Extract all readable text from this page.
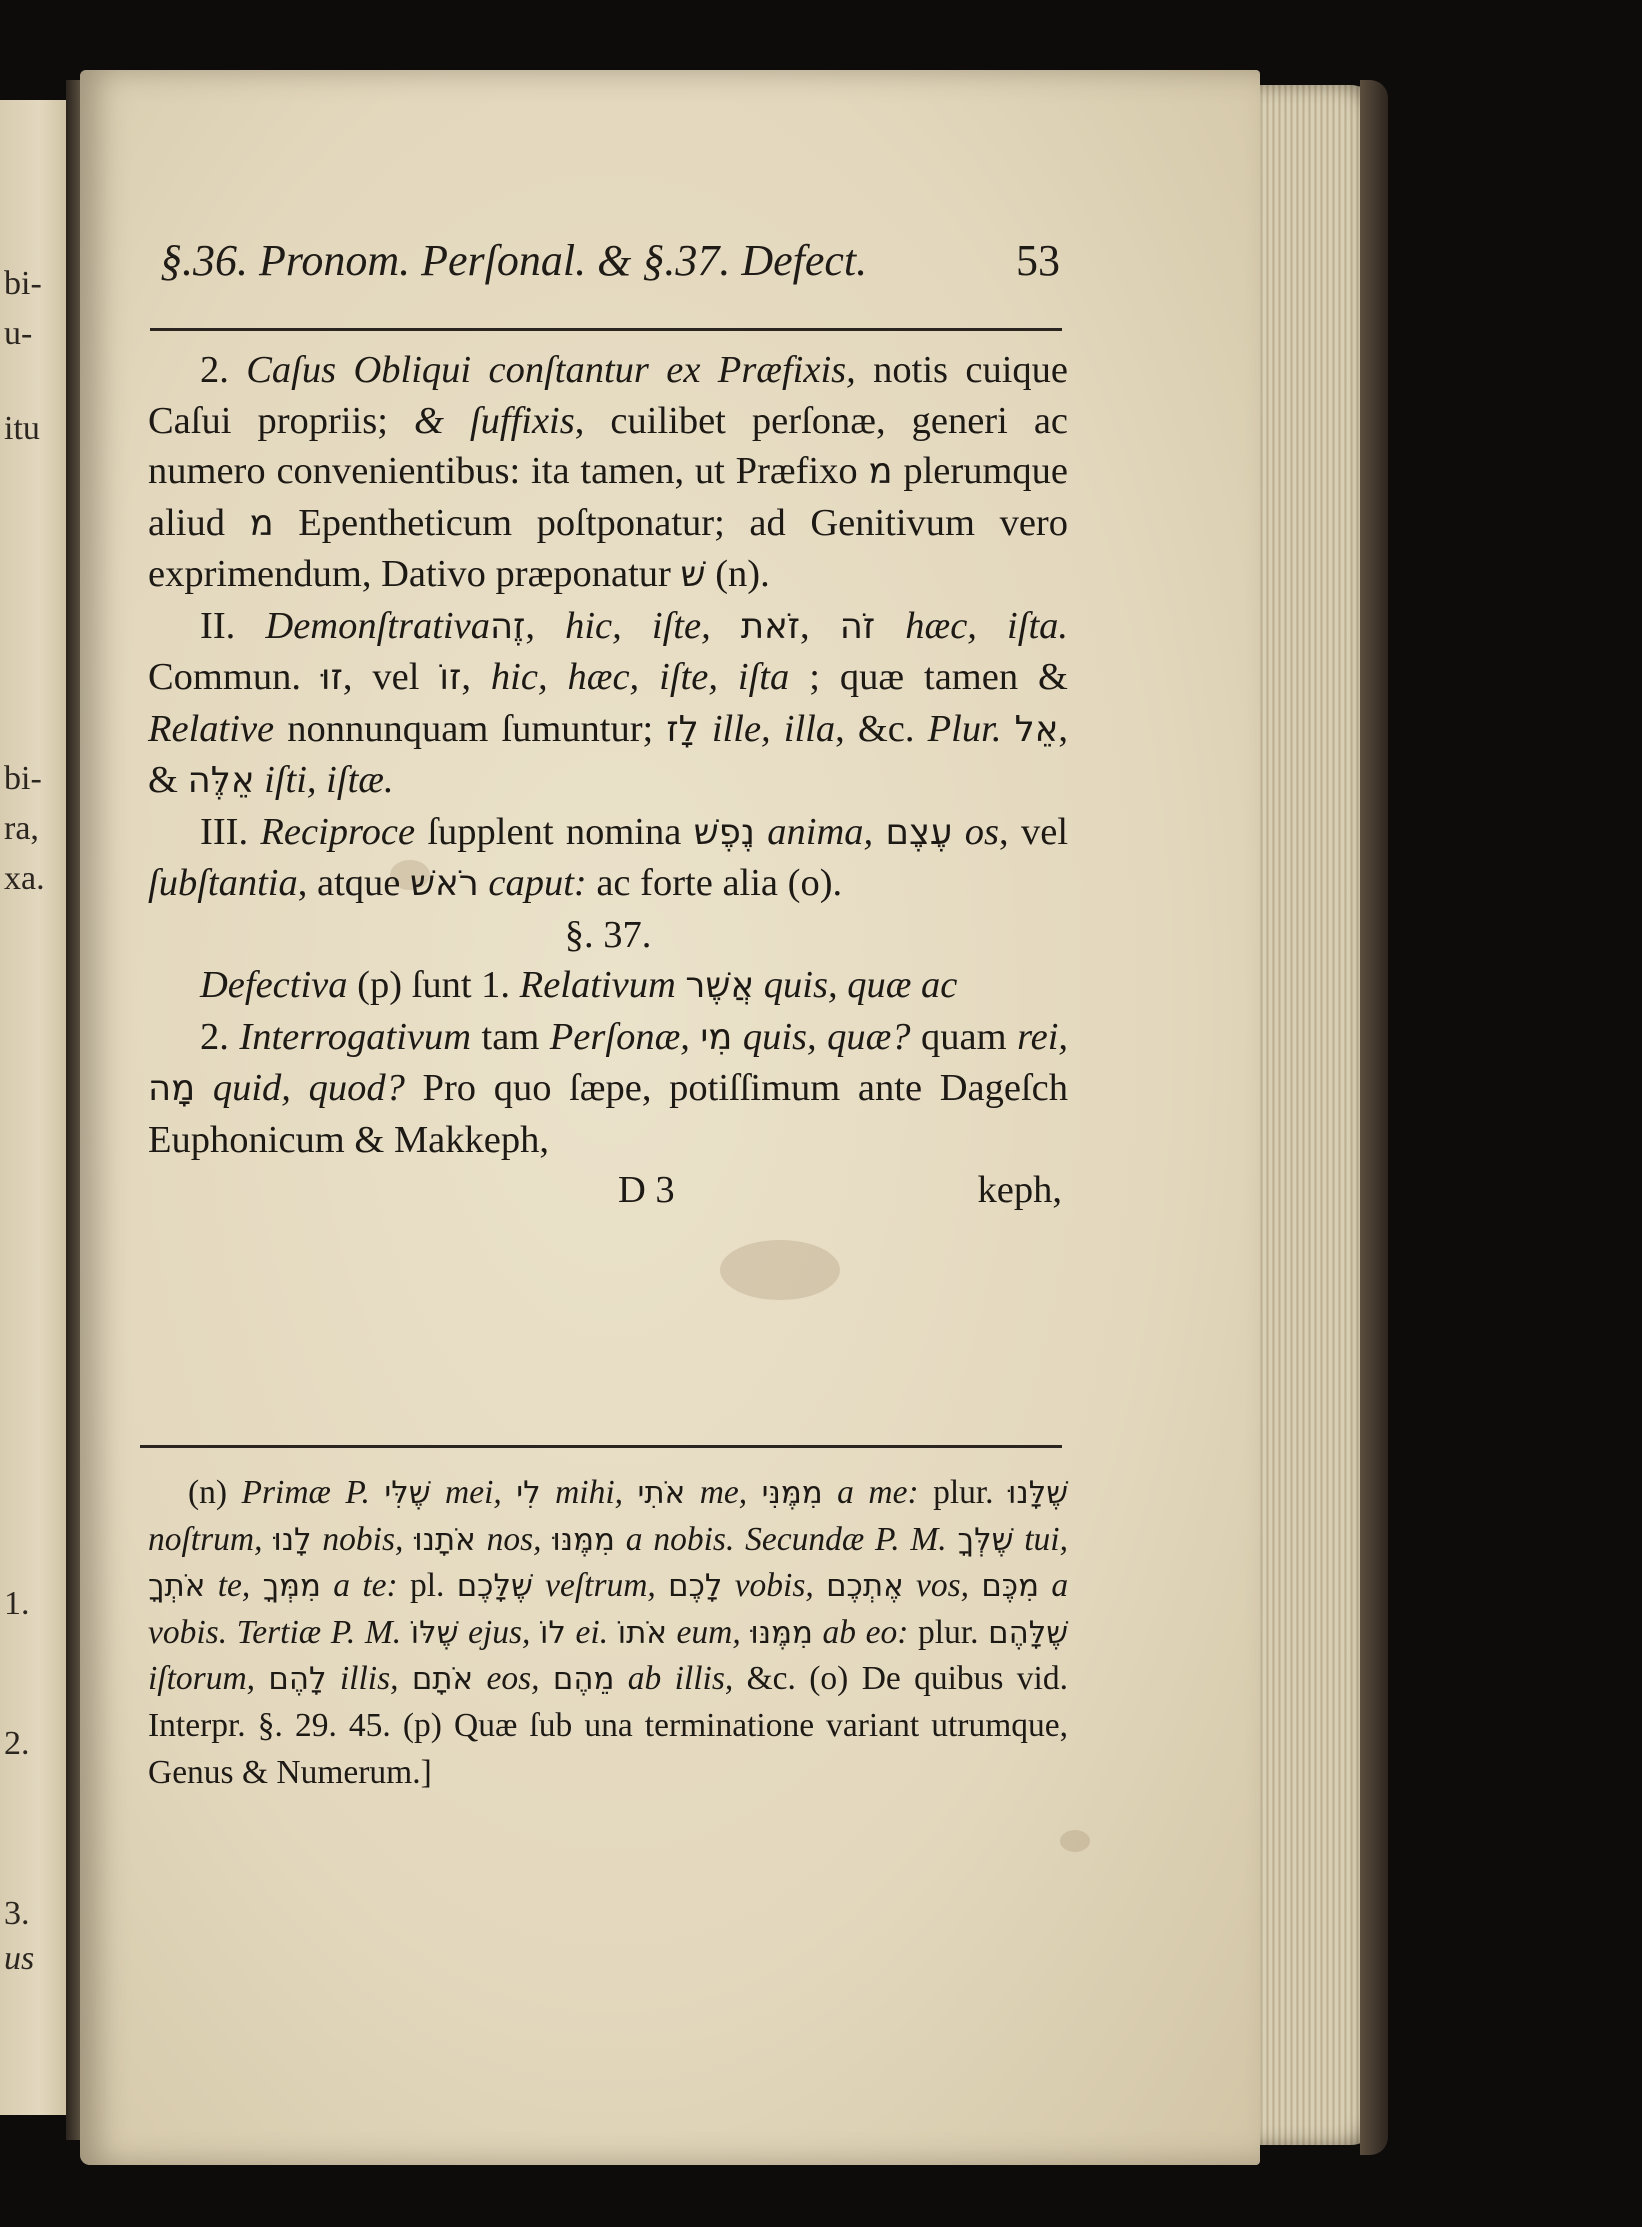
bi-

u-

itu

bi-

ra,

xa.

1.

2.

3.

us

§.36. Pronom. Perſonal. & §.37. Defect.	53

2. Caſus Obliqui conſtantur ex Præfixis, notis cuique Caſui propriis; & ſuffixis, cuilibet perſonæ, generi ac numero convenientibus: ita tamen, ut Præfixo מ plerumque aliud מ Epentheticum poſtponatur; ad Genitivum vero exprimendum, Dativo præponatur שׁ (n).

II. Demonſtrativaזֶה, hic, iſte, זֹאת, זֹה hæc, iſta. Commun. זוּ, vel זוֹ, hic, hæc, iſte, iſta ; quæ tamen & Relative nonnunquam ſumuntur; לָז ille, illa, &c. Plur. אֵל, & אֵלֶּה iſti, iſtæ.

III. Reciproce ſupplent nomina נֶפֶשׁ anima, עֶצֶם os, vel ſubſtantia, atque רֹאשׁ caput: ac forte alia (o).

§. 37.

Defectiva (p) ſunt 1. Relativum אֲשֶׁר quis, quæ ac

2. Interrogativum tam Perſonæ, מִי quis, quæ? quam rei, מָה quid, quod? Pro quo ſæpe, potiſſimum ante Dageſch Euphonicum & Makkeph,

D 3	keph,

(n) Primæ P. שֶׁלִּי mei, לִי mihi, אֹתִי me, מִמֶּנִּי a me: plur. שֶׁלָּנוּ noſtrum, לָנוּ nobis, אֹתָנוּ nos, מִמֶּנּוּ a nobis. Secundæ P. M. שֶׁלְּךָ tui, אֹתְךָ te, מִמְּךָ a te: pl. שֶׁלָּכֶם veſtrum, לָכֶם vobis, אֶתְכֶם vos, מִכֶּם a vobis. Tertiæ P. M. שֶׁלּוֹ ejus, לוֹ ei. אֹתוֹ eum, מִמֶּנּוּ ab eo: plur. שֶׁלָּהֶם iſtorum, לָהֶם illis, אֹתָם eos, מֵהֶם ab illis, &c. (o) De quibus vid. Interpr. §. 29. 45. (p) Quæ ſub una terminatione variant utrumque, Genus & Numerum.]
